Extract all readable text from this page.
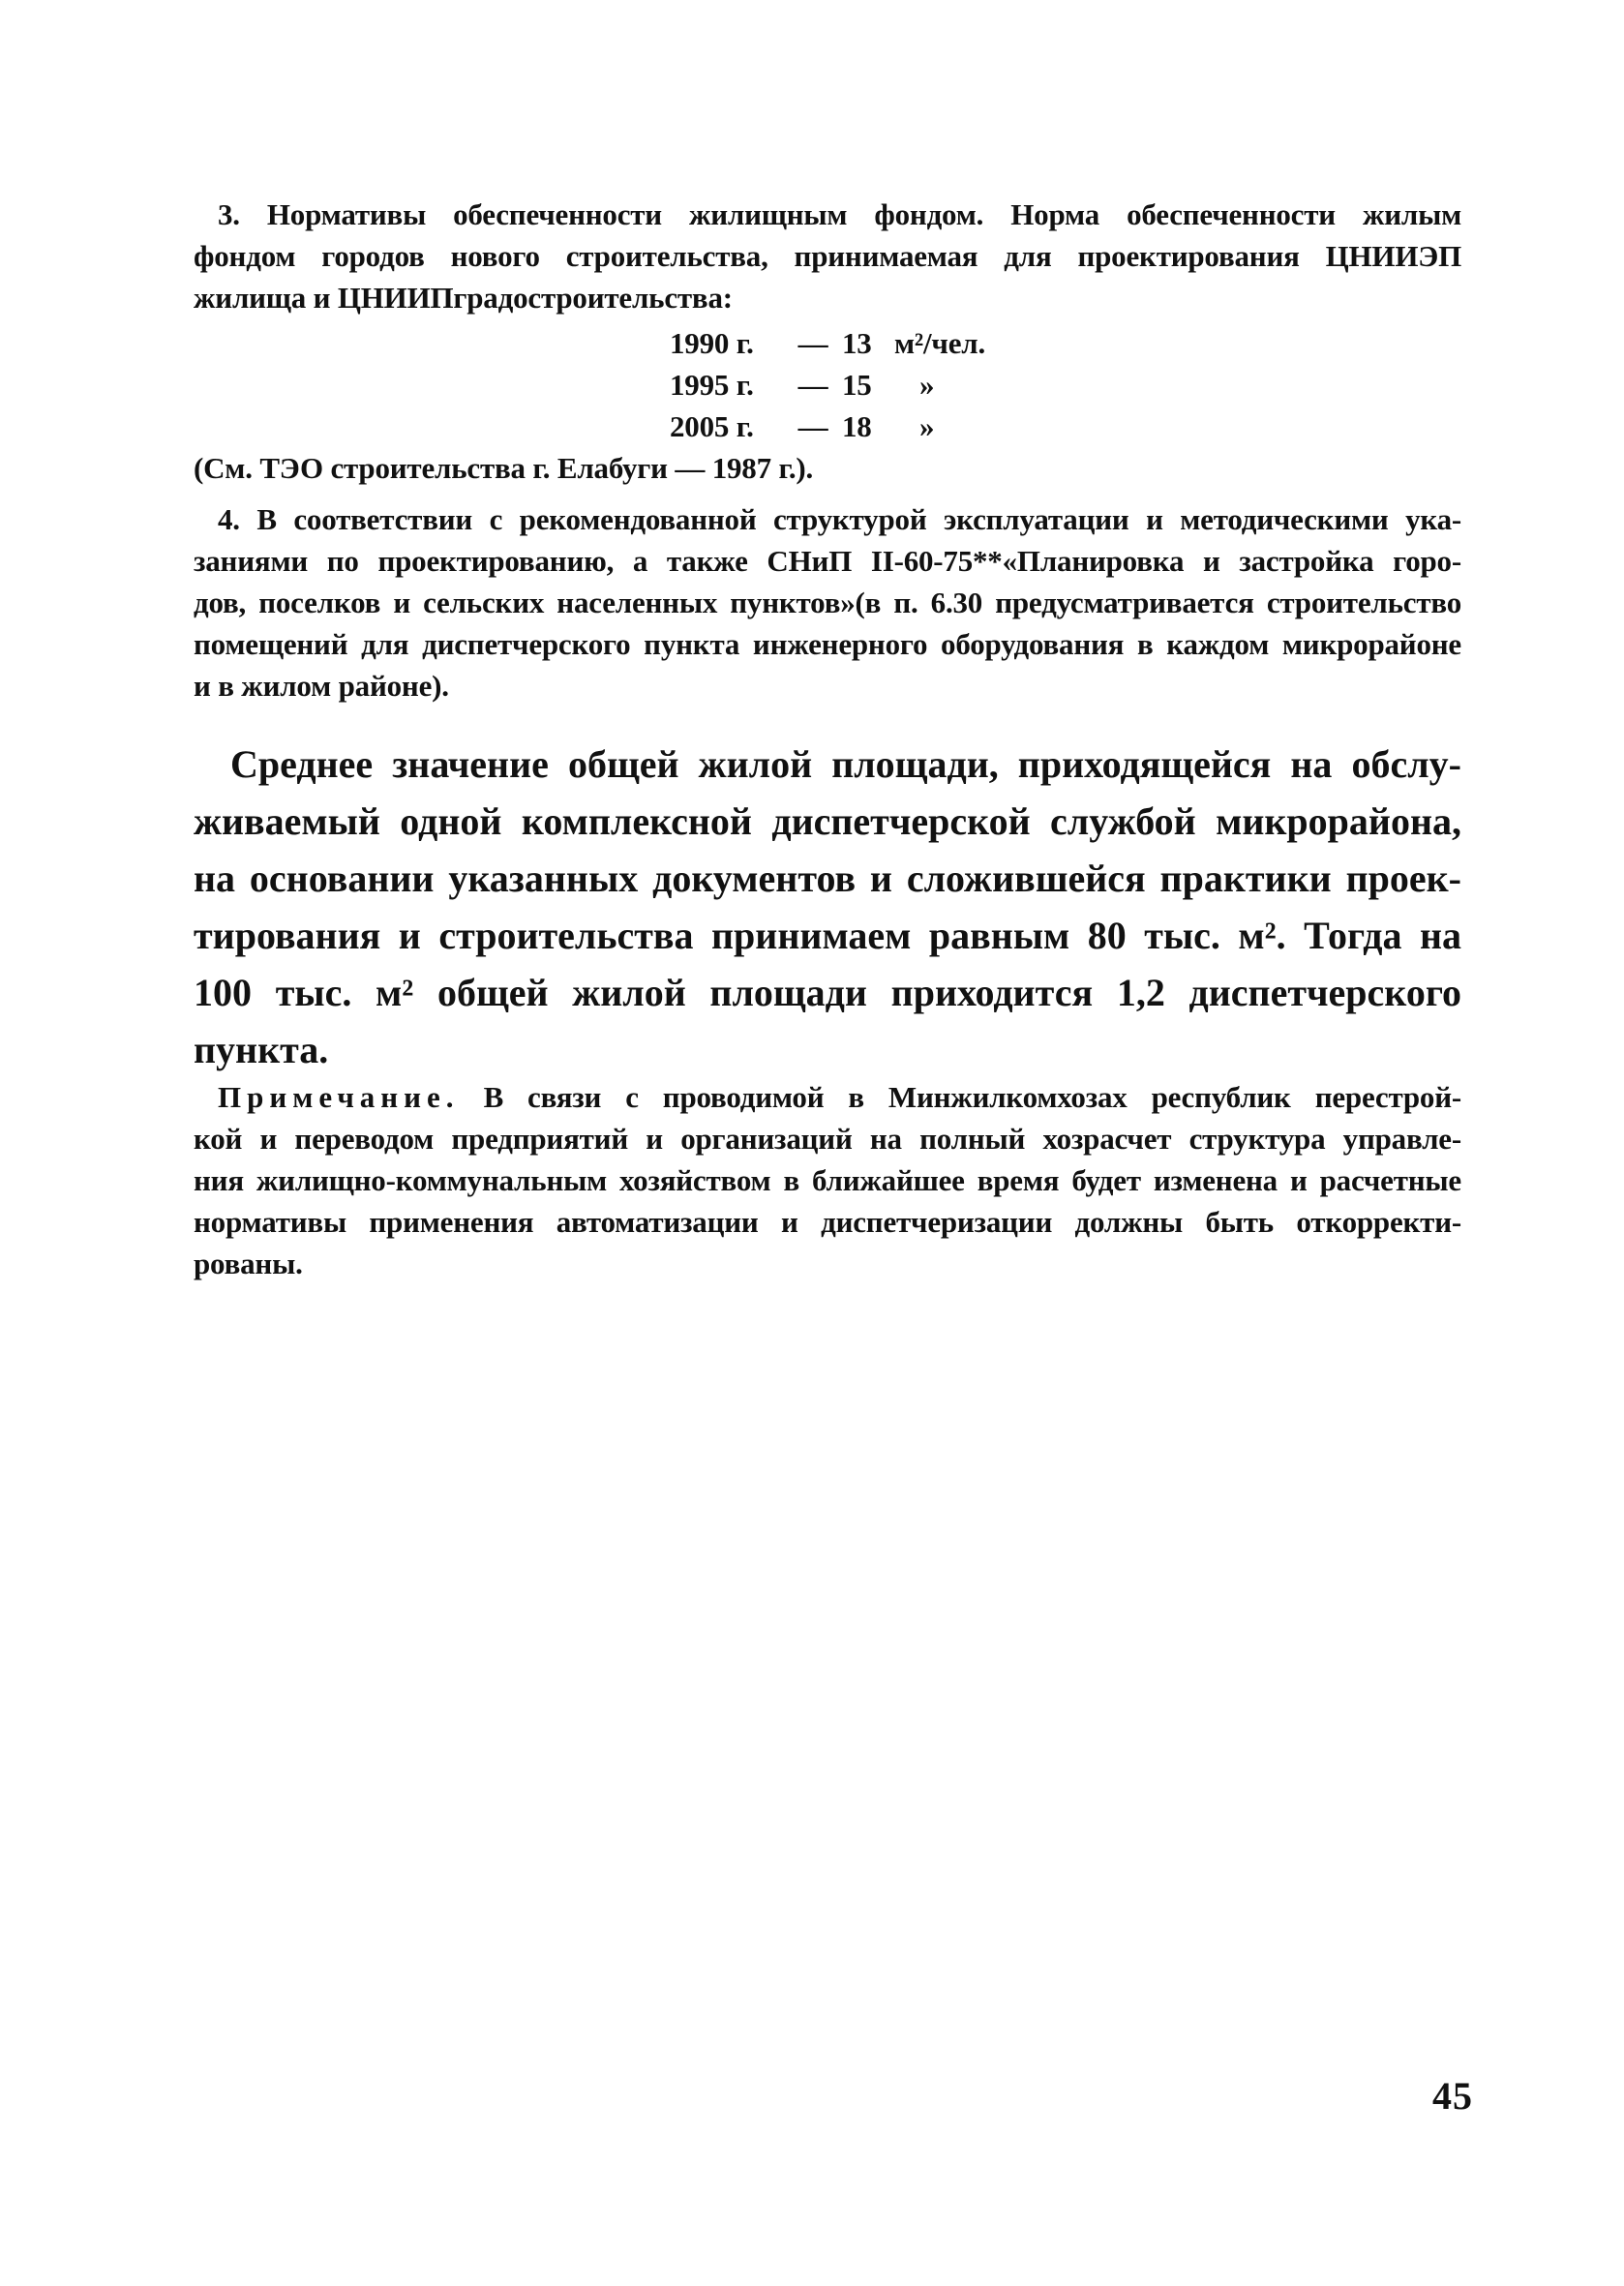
3. Нормативы обеспеченности жилищным фондом. Норма обеспеченности жилым
фондом городов нового строительства, принимаемая для проектирования ЦНИИЭП
жилища и ЦНИИПградостроительства:
1990 г.	— 13 м²/чел.
1995 г.	— 15	»
2005 г.	— 18	»
(См. ТЭО строительства г. Елабуги — 1987 г.).
4. В соответствии с рекомендованной структурой эксплуатации и методическими ука-
заниями по проектированию, а также СНиП II-60-75**«Планировка и застройка горо-
дов, поселков и сельских населенных пунктов»(в п. 6.30 предусматривается строительство
помещений для диспетчерского пункта инженерного оборудования в каждом микрорайоне
и в жилом районе).
Среднее значение общей жилой площади, приходящейся на обслу-
живаемый одной комплексной диспетчерской службой микрорайона,
на основании указанных документов и сложившейся практики проек-
тирования и строительства принимаем равным 80 тыс. м². Тогда на
100 тыс. м² общей жилой площади приходится 1,2 диспетчерского
пункта.
Примечание. В связи с проводимой в Минжилкомхозах республик перестрой-
кой и переводом предприятий и организаций на полный хозрасчет структура управле-
ния жилищно-коммунальным хозяйством в ближайшее время будет изменена и расчетные
нормативы применения автоматизации и диспетчеризации должны быть откорректи-
рованы.
45
